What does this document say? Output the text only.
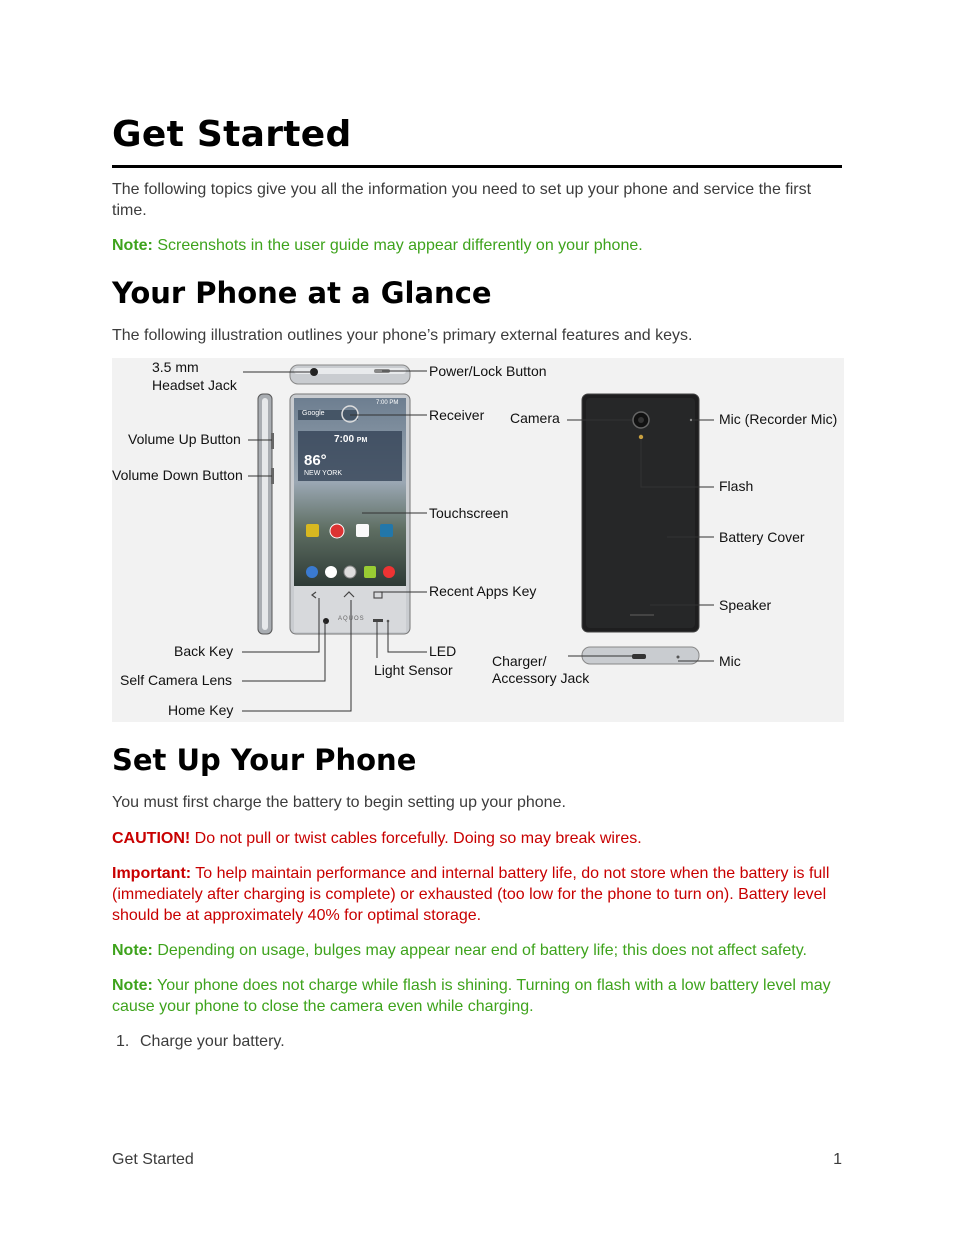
Get Started

The following topics give you all the information you need to set up your phone and service the first time.

Note: Screenshots in the user guide may appear differently on your phone.

Your Phone at a Glance

The following illustration outlines your phone’s primary external features and keys.

3.5 mm
Headset Jack
Power/Lock Button
Receiver
Volume Up Button
Volume Down Button
Touchscreen
Recent Apps Key
Back Key
Self Camera Lens
Home Key
LED
Light Sensor
Camera	Mic (Recorder Mic)
Flash
Battery Cover
Speaker
Charger/
Accessory Jack
Mic
Google
7:00 PM
7:00 PM
86°
NEW YORK
AQUOS
Set Up Your Phone

You must first charge the battery to begin setting up your phone.

CAUTION! Do not pull or twist cables forcefully. Doing so may break wires.

Important: To help maintain performance and internal battery life, do not store when the battery is full (immediately after charging is complete) or exhausted (too low for the phone to turn on). Battery level should be at approximately 40% for optimal storage.

Note: Depending on usage, bulges may appear near end of battery life; this does not affect safety.

Note: Your phone does not charge while flash is shining. Turning on flash with a low battery level may cause your phone to close the camera even while charging.

1. Charge your battery.
Get Started	1
